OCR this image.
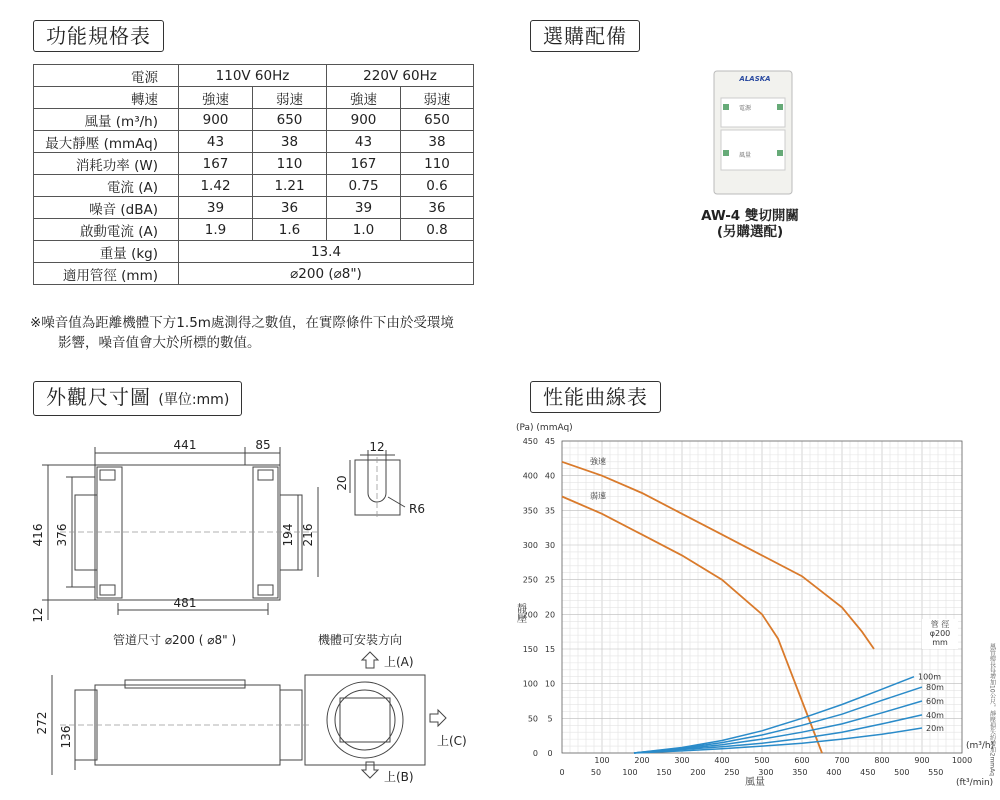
功能規格表	選購配備
外觀尺寸圖 (單位:mm)	性能曲線表
電源	110V 60Hz		220V 60Hz	
轉速	強速	弱速	強速	弱速
風量 (m³/h)	900	650	900	650
最大靜壓 (mmAq)	43	38	43	38
消耗功率 (W)	167	110	167	110
電流 (A)	1.42	1.21	0.75	0.6
噪音 (dBA)	39	36	39	36
啟動電流 (A)	1.9	1.6	1.0	0.8
重量 (kg)	13.4			
適用管徑 (mm)	⌀200 (⌀8")			
※噪音值為距離機體下方1.5m處測得之數值，在實際條件下由於受環境
影響，噪音值會大於所標的數值。
ALASKA
電源
風量
AW-4 雙切開關
(另購選配)
441	85
416 376	194 216
481
12
12
20
R6
管道尺寸 ⌀200 ( ⌀8" )	機體可安裝方向
272
136
上(A)
上(C)
上(B)
0
50
100
150
200
250
300
350
400
450
5
10
15
20
25
30
35
40
45
0
100	200	300	400	500	600	700	800	900	1000
0	50	100 150 200 250 300 350 400 450 500 550
強速
弱速
100m
80m
60m
40m
20m
(Pa) (mmAq)
靜壓
風量
(m³/h)
(ft³/min)
風管總長每增加10公尺，靜壓損失約增加2mmAq
管 徑
φ200
mm
